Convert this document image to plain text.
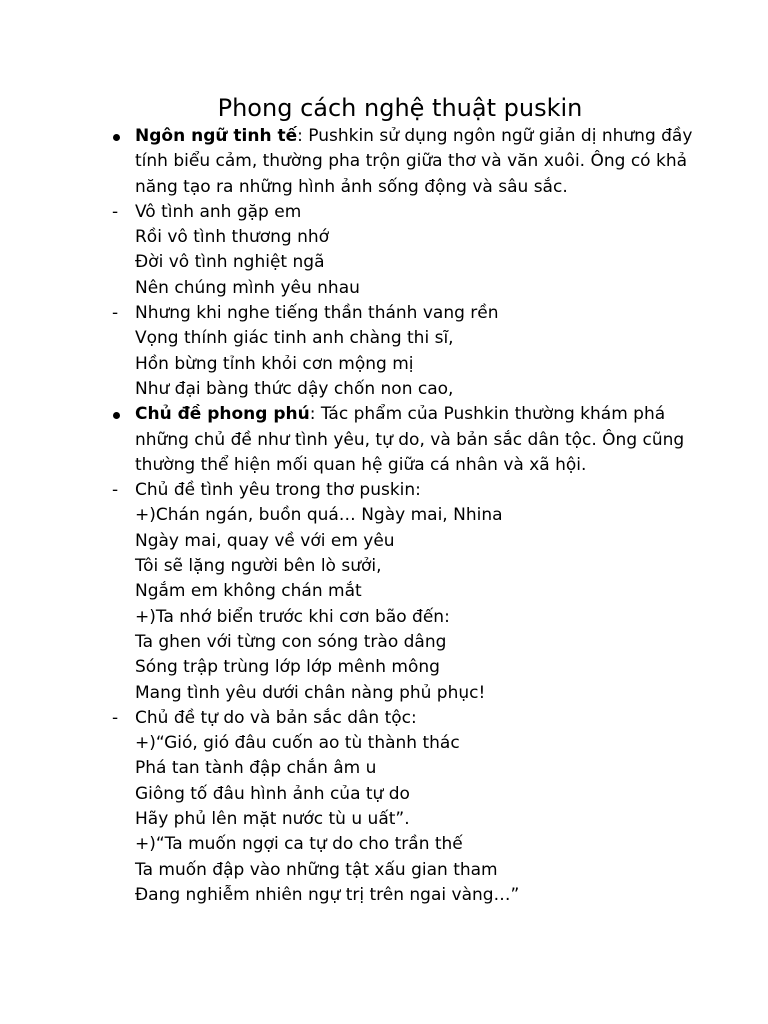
Phong cách nghệ thuật puskin
Ngôn ngữ tinh tế: Pushkin sử dụng ngôn ngữ giản dị nhưng đầy tính biểu cảm, thường pha trộn giữa thơ và văn xuôi. Ông có khả năng tạo ra những hình ảnh sống động và sâu sắc.
- Vô tình anh gặp em
Rồi vô tình thương nhớ
Đời vô tình nghiệt ngã
Nên chúng mình yêu nhau
- Nhưng khi nghe tiếng thần thánh vang rền
Vọng thính giác tinh anh chàng thi sĩ,
Hồn bừng tỉnh khỏi cơn mộng mị
Như đại bàng thức dậy chốn non cao,
Chủ đề phong phú: Tác phẩm của Pushkin thường khám phá những chủ đề như tình yêu, tự do, và bản sắc dân tộc. Ông cũng thường thể hiện mối quan hệ giữa cá nhân và xã hội.
- Chủ đề tình yêu trong thơ puskin:
+)Chán ngán, buồn quá… Ngày mai, Nhina
Ngày mai, quay về với em yêu
Tôi sẽ lặng người bên lò sưởi,
Ngắm em không chán mắt
+)Ta nhớ biển trước khi cơn bão đến:
Ta ghen với từng con sóng trào dâng
Sóng trập trùng lớp lớp mênh mông
Mang tình yêu dưới chân nàng phủ phục!
- Chủ đề tự do và bản sắc dân tộc:
+)“Gió, gió đâu cuốn ao tù thành thác
Phá tan tành đập chắn âm u
Giông tố đâu hình ảnh của tự do
Hãy phủ lên mặt nước tù u uất”.
+)“Ta muốn ngợi ca tự do cho trần thế
Ta muốn đập vào những tật xấu gian tham
Đang nghiễm nhiên ngự trị trên ngai vàng…”
